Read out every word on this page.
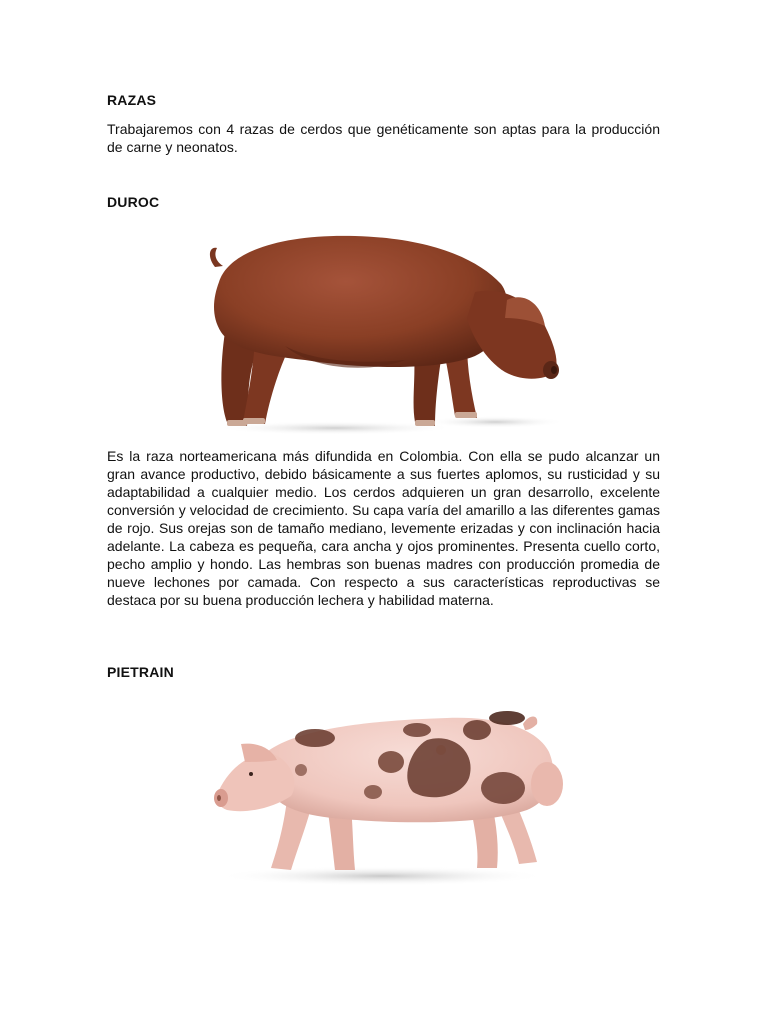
RAZAS
Trabajaremos con 4 razas de cerdos que genéticamente son aptas para la producción de carne y neonatos.
DUROC
Es la raza norteamericana más difundida en Colombia. Con ella se pudo alcanzar un gran avance productivo, debido básicamente a sus fuertes aplomos, su rusticidad y su adaptabilidad a cualquier medio. Los cerdos adquieren un gran desarrollo, excelente conversión y velocidad de crecimiento. Su capa varía del amarillo a las diferentes gamas de rojo. Sus orejas son de tamaño mediano, levemente erizadas y con inclinación hacia adelante. La cabeza es pequeña, cara ancha y ojos prominentes. Presenta cuello corto, pecho amplio y hondo. Las hembras son buenas madres con producción promedia de nueve lechones por camada. Con respecto a sus características reproductivas se destaca por su buena producción lechera y habilidad materna.
PIETRAIN
